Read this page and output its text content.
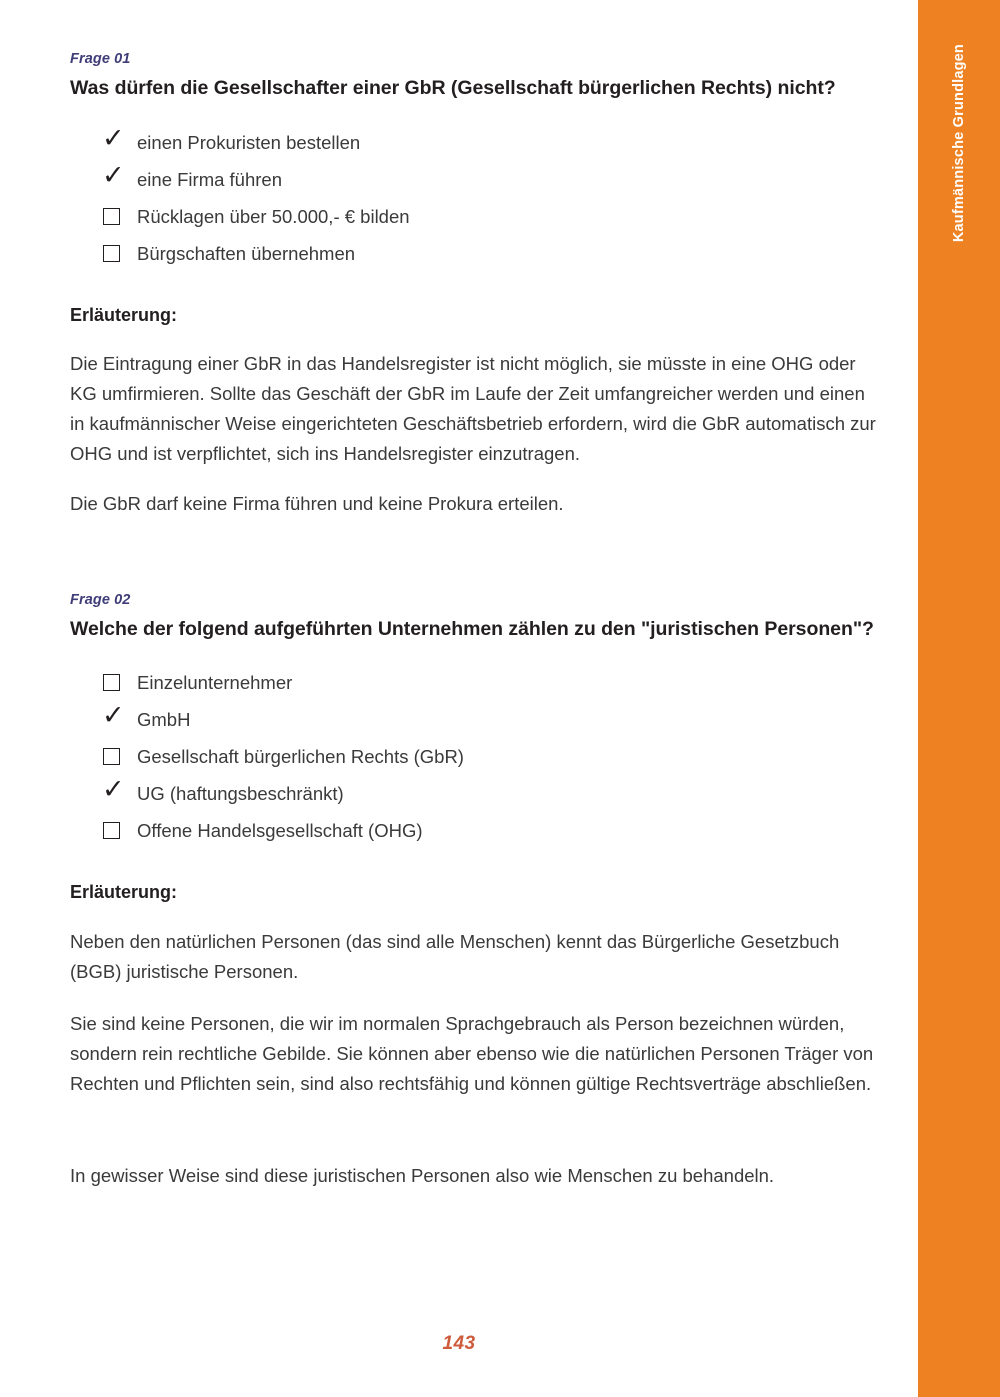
Kaufmännische Grundlagen
Frage 01
Was dürfen die Gesellschafter einer GbR (Gesellschaft bürgerlichen Rechts) nicht?
✓ einen Prokuristen bestellen
✓ eine Firma führen
Rücklagen über 50.000,- € bilden
Bürgschaften übernehmen
Erläuterung:

Die Eintragung einer GbR in das Handelsregister ist nicht möglich, sie müsste in eine OHG oder KG umfirmieren. Sollte das Geschäft der GbR im Laufe der Zeit umfangreicher werden und einen in kaufmännischer Weise eingerichteten Geschäftsbetrieb erfordern, wird die GbR automatisch zur OHG und ist verpflichtet, sich ins Handelsregister einzutragen.

Die GbR darf keine Firma führen und keine Prokura erteilen.

Frage 02
Welche der folgend aufgeführten Unternehmen zählen zu den "juristischen Personen"?
Einzelunternehmer
✓ GmbH
Gesellschaft bürgerlichen Rechts (GbR)
✓ UG (haftungsbeschränkt)
Offene Handelsgesellschaft (OHG)
Erläuterung:

Neben den natürlichen Personen (das sind alle Menschen) kennt das Bürgerliche Gesetzbuch (BGB) juristische Personen.

Sie sind keine Personen, die wir im normalen Sprachgebrauch als Person bezeichnen würden, sondern rein rechtliche Gebilde. Sie können aber ebenso wie die natürlichen Personen Träger von Rechten und Pflichten sein, sind also rechtsfähig und können gültige Rechtsverträge abschließen.

In gewisser Weise sind diese juristischen Personen also wie Menschen zu behandeln.

143
